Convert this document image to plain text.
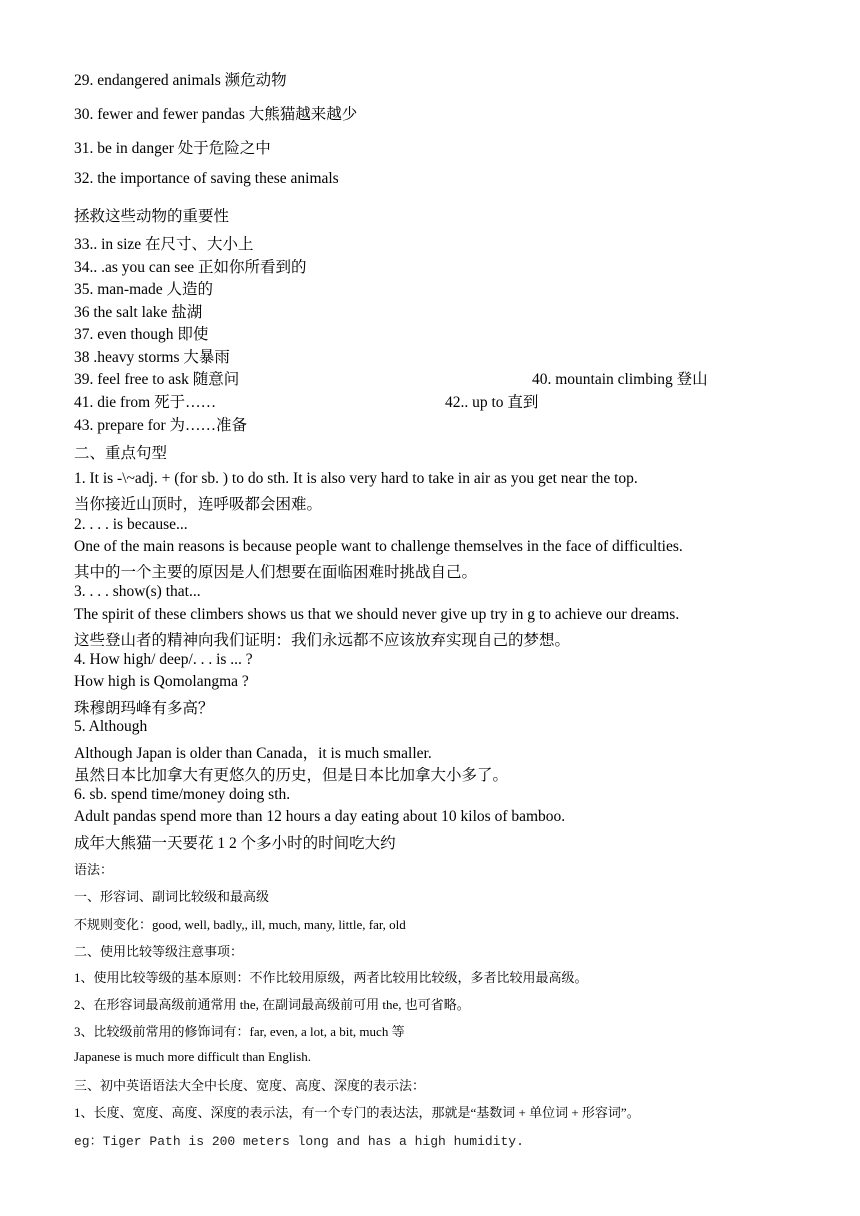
29. endangered animals 濒危动物
30. fewer and fewer pandas 大熊猫越来越少
31. be in danger 处于危险之中
32. the importance of saving these animals
拯救这些动物的重要性
33.. in size 在尺寸、大小上
34.. .as you can see 正如你所看到的
35. man-made 人造的
36 the salt lake 盐湖
37. even though 即使
38 .heavy storms 大暴雨
39. feel free to ask 随意问	40. mountain climbing 登山
41. die from 死于……	42.. up to 直到
43. prepare for 为……准备
二、重点句型
1. It is -\~adj. + (for sb. ) to do sth. It is also very hard to take in air as you get near the top.
当你接近山顶时，连呼吸都会困难。
2. . . . is because...
One of the main reasons is because people want to challenge themselves in the face of difficulties.
其中的一个主要的原因是人们想要在面临困难时挑战自己。
3. . . . show(s) that...
The spirit of these climbers shows us that we should never give up try in g to achieve our dreams.
这些登山者的精神向我们证明：我们永远都不应该放弃实现自己的梦想。
4. How high/ deep/. . . is ... ?
How high is Qomolangma ?
珠穆朗玛峰有多高？
5. Although
Although Japan is older than Canada，it is much smaller.
虽然日本比加拿大有更悠久的历史，但是日本比加拿大小多了。
6. sb. spend time/money doing sth.
Adult pandas spend more than 12 hours a day eating about 10 kilos of bamboo.
成年大熊猫一天要花 1 2 个多小时的时间吃大约
语法：
一、形容词、副词比较级和最高级
不规则变化：good, well, badly,, ill, much, many, little, far, old
二、使用比较等级注意事项：
1、使用比较等级的基本原则：不作比较用原级，两者比较用比较级，多者比较用最高级。
2、在形容词最高级前通常用 the, 在副词最高级前可用 the, 也可省略。
3、比较级前常用的修饰词有：far, even, a lot, a bit, much 等
Japanese is much more difficult than English.
三、初中英语语法大全中长度、宽度、高度、深度的表示法：
1、长度、宽度、高度、深度的表示法，有一个专门的表达法，那就是“基数词 + 单位词 + 形容词”。
eg：Tiger Path is 200 meters long and has a high humidity.
